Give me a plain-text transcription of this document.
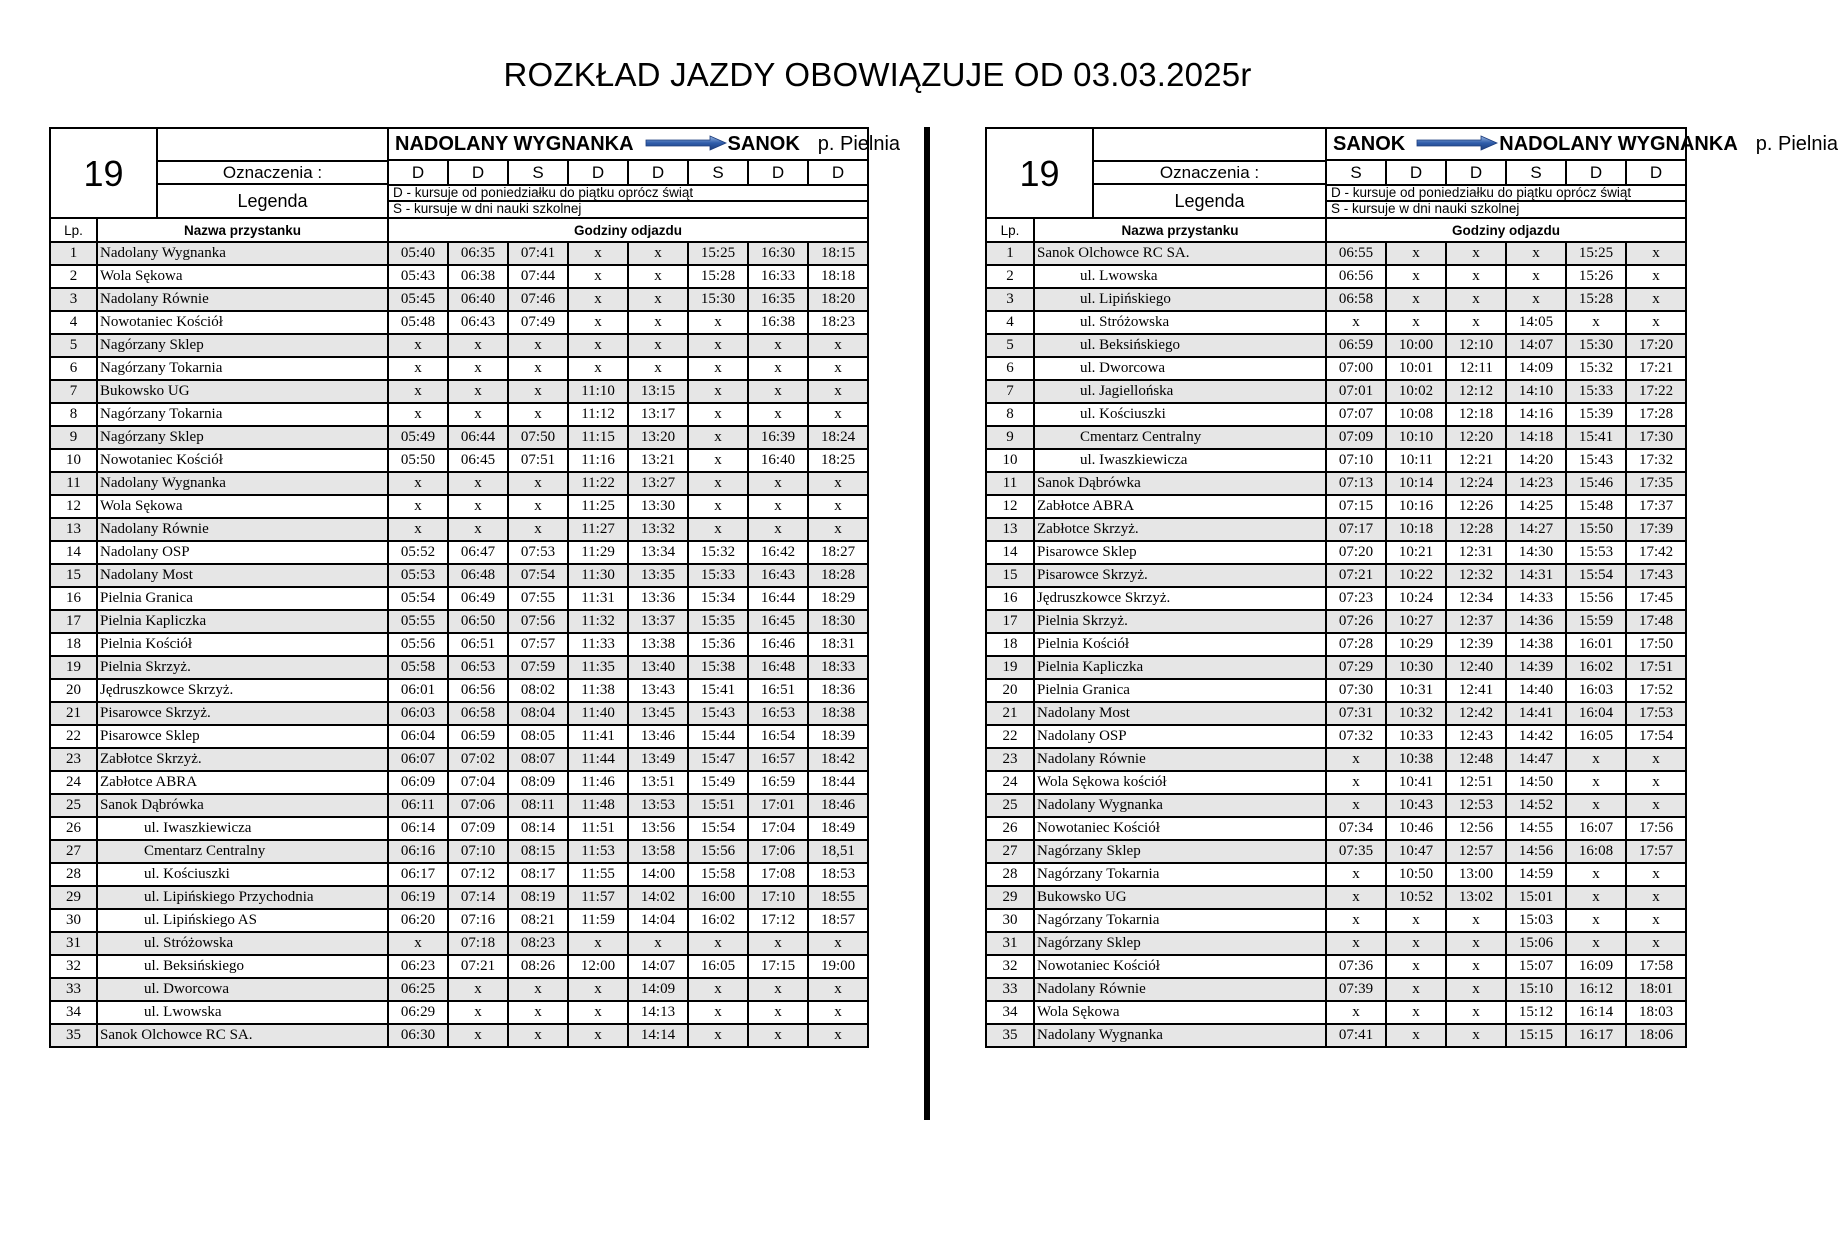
ROZKŁAD JAZDY OBOWIĄZUJE OD 03.03.2025r
19 Oznaczenia :
Legenda		NADOLANY WYGNANKA SANOK p. Pielnia							
		D	D	S	D	D	S	D	D

		D - kursuje od poniedziałku do piątku oprócz świąt
S - kursuje w dni nauki szkolnej							

Lp.	Nazwa przystanku	Godziny odjazdu							
1	Nadolany Wygnanka	05:40	06:35	07:41	x	x	15:25	16:30	18:15
2	Wola Sękowa	05:43	06:38	07:44	x	x	15:28	16:33	18:18
3	Nadolany Równie	05:45	06:40	07:46	x	x	15:30	16:35	18:20
4	Nowotaniec Kościół	05:48	06:43	07:49	x	x	x	16:38	18:23
5	Nagórzany Sklep	x	x	x	x	x	x	x	x
6	Nagórzany Tokarnia	x	x	x	x	x	x	x	x
7	Bukowsko UG	x	x	x	11:10	13:15	x	x	x
8	Nagórzany Tokarnia	x	x	x	11:12	13:17	x	x	x
9	Nagórzany Sklep	05:49	06:44	07:50	11:15	13:20	x	16:39	18:24
10	Nowotaniec Kościół	05:50	06:45	07:51	11:16	13:21	x	16:40	18:25
11	Nadolany Wygnanka	x	x	x	11:22	13:27	x	x	x
12	Wola Sękowa	x	x	x	11:25	13:30	x	x	x
13	Nadolany Równie	x	x	x	11:27	13:32	x	x	x
14	Nadolany OSP	05:52	06:47	07:53	11:29	13:34	15:32	16:42	18:27
15	Nadolany Most	05:53	06:48	07:54	11:30	13:35	15:33	16:43	18:28
16	Pielnia Granica	05:54	06:49	07:55	11:31	13:36	15:34	16:44	18:29
17	Pielnia Kapliczka	05:55	06:50	07:56	11:32	13:37	15:35	16:45	18:30
18	Pielnia Kościół	05:56	06:51	07:57	11:33	13:38	15:36	16:46	18:31
19	Pielnia Skrzyż.	05:58	06:53	07:59	11:35	13:40	15:38	16:48	18:33
20	Jędruszkowce Skrzyż.	06:01	06:56	08:02	11:38	13:43	15:41	16:51	18:36
21	Pisarowce Skrzyż.	06:03	06:58	08:04	11:40	13:45	15:43	16:53	18:38
22	Pisarowce Sklep	06:04	06:59	08:05	11:41	13:46	15:44	16:54	18:39
23	Zabłotce Skrzyż.	06:07	07:02	08:07	11:44	13:49	15:47	16:57	18:42
24	Zabłotce ABRA	06:09	07:04	08:09	11:46	13:51	15:49	16:59	18:44
25	Sanok Dąbrówka	06:11	07:06	08:11	11:48	13:53	15:51	17:01	18:46
26	ul. Iwaszkiewicza	06:14	07:09	08:14	11:51	13:56	15:54	17:04	18:49
27	Cmentarz Centralny	06:16	07:10	08:15	11:53	13:58	15:56	17:06	18,51
28	ul. Kościuszki	06:17	07:12	08:17	11:55	14:00	15:58	17:08	18:53
29	ul. Lipińskiego Przychodnia	06:19	07:14	08:19	11:57	14:02	16:00	17:10	18:55
30	ul. Lipińskiego AS	06:20	07:16	08:21	11:59	14:04	16:02	17:12	18:57
31	ul. Stróżowska	x	07:18	08:23	x	x	x	x	x
32	ul. Beksińskiego	06:23	07:21	08:26	12:00	14:07	16:05	17:15	19:00
33	ul. Dworcowa	06:25	x	x	x	14:09	x	x	x
34	ul. Lwowska	06:29	x	x	x	14:13	x	x	x
35	Sanok Olchowce RC SA.	06:30	x	x	x	14:14	x	x	x
19 Oznaczenia :
Legenda		SANOK NADOLANY WYGNANKA p. Pielnia					
		S	D	D	S	D	D

		D - kursuje od poniedziałku do piątku oprócz świąt
S - kursuje w dni nauki szkolnej					

Lp.	Nazwa przystanku	Godziny odjazdu					
1	Sanok Olchowce RC SA.	06:55	x	x	x	15:25	x
2	ul. Lwowska	06:56	x	x	x	15:26	x
3	ul. Lipińskiego	06:58	x	x	x	15:28	x
4	ul. Stróżowska	x	x	x	14:05	x	x
5	ul. Beksińskiego	06:59	10:00	12:10	14:07	15:30	17:20
6	ul. Dworcowa	07:00	10:01	12:11	14:09	15:32	17:21
7	ul. Jagiellońska	07:01	10:02	12:12	14:10	15:33	17:22
8	ul. Kościuszki	07:07	10:08	12:18	14:16	15:39	17:28
9	Cmentarz Centralny	07:09	10:10	12:20	14:18	15:41	17:30
10	ul. Iwaszkiewicza	07:10	10:11	12:21	14:20	15:43	17:32
11	Sanok Dąbrówka	07:13	10:14	12:24	14:23	15:46	17:35
12	Zabłotce ABRA	07:15	10:16	12:26	14:25	15:48	17:37
13	Zabłotce Skrzyż.	07:17	10:18	12:28	14:27	15:50	17:39
14	Pisarowce Sklep	07:20	10:21	12:31	14:30	15:53	17:42
15	Pisarowce Skrzyż.	07:21	10:22	12:32	14:31	15:54	17:43
16	Jędruszkowce Skrzyż.	07:23	10:24	12:34	14:33	15:56	17:45
17	Pielnia Skrzyż.	07:26	10:27	12:37	14:36	15:59	17:48
18	Pielnia Kościół	07:28	10:29	12:39	14:38	16:01	17:50
19	Pielnia Kapliczka	07:29	10:30	12:40	14:39	16:02	17:51
20	Pielnia Granica	07:30	10:31	12:41	14:40	16:03	17:52
21	Nadolany Most	07:31	10:32	12:42	14:41	16:04	17:53
22	Nadolany OSP	07:32	10:33	12:43	14:42	16:05	17:54
23	Nadolany Równie	x	10:38	12:48	14:47	x	x
24	Wola Sękowa kościół	x	10:41	12:51	14:50	x	x
25	Nadolany Wygnanka	x	10:43	12:53	14:52	x	x
26	Nowotaniec Kościół	07:34	10:46	12:56	14:55	16:07	17:56
27	Nagórzany Sklep	07:35	10:47	12:57	14:56	16:08	17:57
28	Nagórzany Tokarnia	x	10:50	13:00	14:59	x	x
29	Bukowsko UG	x	10:52	13:02	15:01	x	x
30	Nagórzany Tokarnia	x	x	x	15:03	x	x
31	Nagórzany Sklep	x	x	x	15:06	x	x
32	Nowotaniec Kościół	07:36	x	x	15:07	16:09	17:58
33	Nadolany Równie	07:39	x	x	15:10	16:12	18:01
34	Wola Sękowa	x	x	x	15:12	16:14	18:03
35	Nadolany Wygnanka	07:41	x	x	15:15	16:17	18:06
